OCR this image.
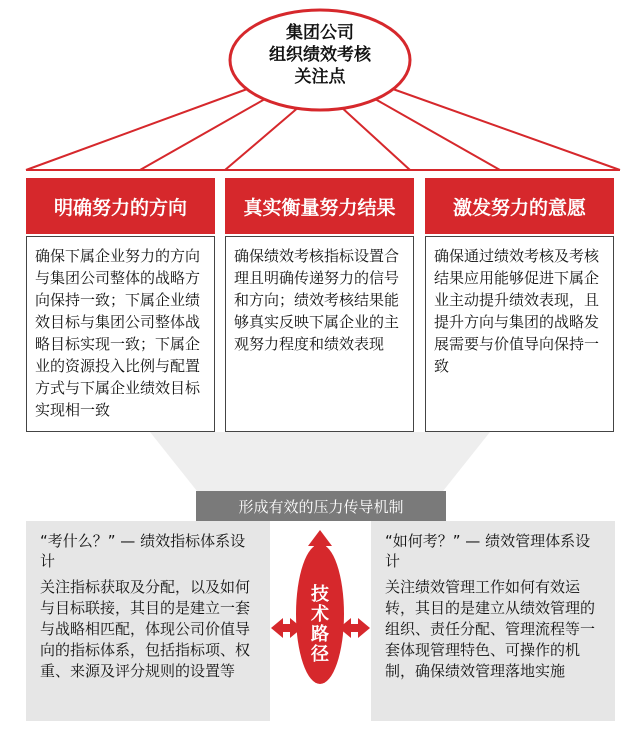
集团公司
组织绩效考核
关注点
明确努力的方向	真实衡量努力结果	激发努力的意愿
确保下属企业努力的方向与集团公司整体的战略方向保持一致；下属企业绩效目标与集团公司整体战略目标实现一致；下属企业的资源投入比例与配置方式与下属企业绩效目标实现相一致
确保绩效考核指标设置合理且明确传递努力的信号和方向；绩效考核结果能够真实反映下属企业的主观努力程度和绩效表现
确保通过绩效考核及考核结果应用能够促进下属企业主动提升绩效表现，且提升方向与集团的战略发展需要与价值导向保持一致
形成有效的压力传导机制
“考什么？” — 绩效指标体系设计
关注指标获取及分配，以及如何与目标联接，其目的是建立一套与战略相匹配，体现公司价值导向的指标体系，包括指标项、权重、来源及评分规则的设置等
“如何考？” — 绩效管理体系设计
关注绩效管理工作如何有效运转，其目的是建立从绩效管理的组织、责任分配、管理流程等一套体现管理特色、可操作的机制，确保绩效管理落地实施
技
术
路
径
